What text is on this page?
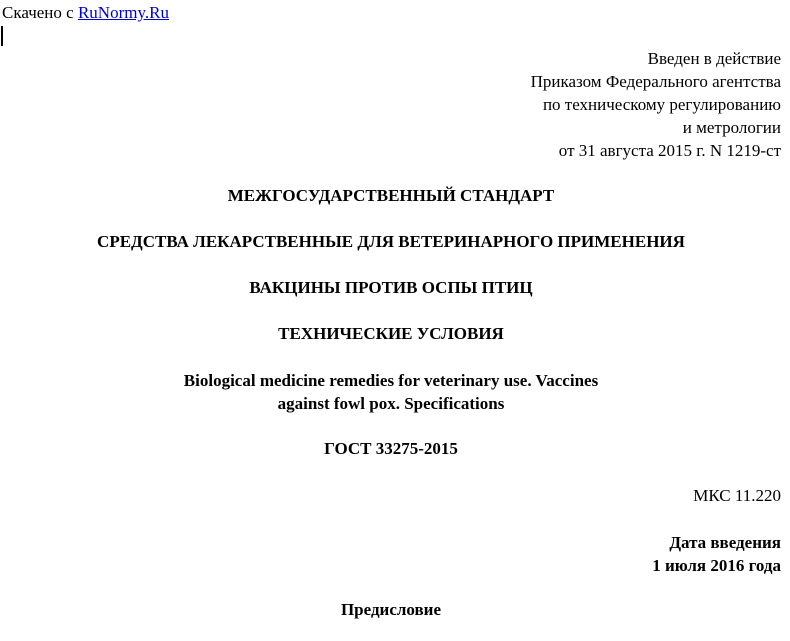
Скачено с RuNormy.Ru
Введен в действие
Приказом Федерального агентства
по техническому регулированию
и метрологии
от 31 августа 2015 г. N 1219-ст
МЕЖГОСУДАРСТВЕННЫЙ СТАНДАРТ
СРЕДСТВА ЛЕКАРСТВЕННЫЕ ДЛЯ ВЕТЕРИНАРНОГО ПРИМЕНЕНИЯ
ВАКЦИНЫ ПРОТИВ ОСПЫ ПТИЦ
ТЕХНИЧЕСКИЕ УСЛОВИЯ
Biological medicine remedies for veterinary use. Vaccines
against fowl pox. Specifications
ГОСТ 33275-2015
МКС 11.220
Дата введения
1 июля 2016 года
Предисловие
